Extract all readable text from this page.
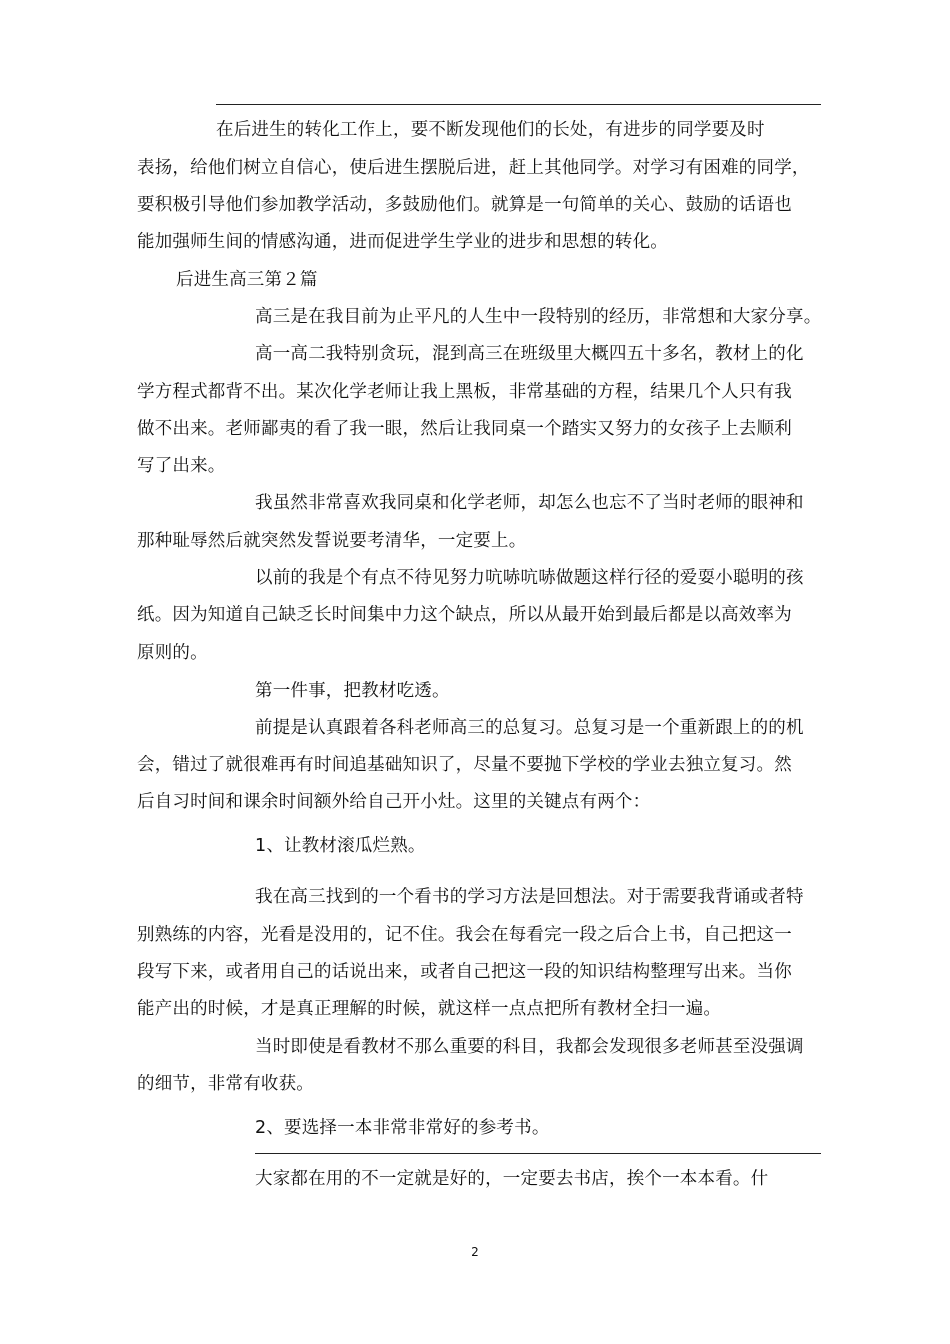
在后进生的转化工作上，要不断发现他们的长处，有进步的同学要及时
表扬，给他们树立自信心，使后进生摆脱后进，赶上其他同学。对学习有困难的同学，
要积极引导他们参加教学活动，多鼓励他们。就算是一句简单的关心、鼓励的话语也
能加强师生间的情感沟通，进而促进学生学业的进步和思想的转化。
后进生高三第２篇
高三是在我目前为止平凡的人生中一段特别的经历，非常想和大家分享。
高一高二我特别贪玩，混到高三在班级里大概四五十多名，教材上的化
学方程式都背不出。某次化学老师让我上黑板，非常基础的方程，结果几个人只有我
做不出来。老师鄙夷的看了我一眼，然后让我同桌一个踏实又努力的女孩子上去顺利
写了出来。
我虽然非常喜欢我同桌和化学老师，却怎么也忘不了当时老师的眼神和
那种耻辱然后就突然发誓说要考清华，一定要上。
以前的我是个有点不待见努力吭哧吭哧做题这样行径的爱耍小聪明的孩
纸。因为知道自己缺乏长时间集中力这个缺点，所以从最开始到最后都是以高效率为
原则的。
第一件事，把教材吃透。
前提是认真跟着各科老师高三的总复习。总复习是一个重新跟上的的机
会，错过了就很难再有时间追基础知识了，尽量不要抛下学校的学业去独立复习。然
后自习时间和课余时间额外给自己开小灶。这里的关键点有两个：
1、让教材滚瓜烂熟。
我在高三找到的一个看书的学习方法是回想法。对于需要我背诵或者特
别熟练的内容，光看是没用的，记不住。我会在每看完一段之后合上书，自己把这一
段写下来，或者用自己的话说出来，或者自己把这一段的知识结构整理写出来。当你
能产出的时候，才是真正理解的时候，就这样一点点把所有教材全扫一遍。
当时即使是看教材不那么重要的科目，我都会发现很多老师甚至没强调
的细节，非常有收获。
2、要选择一本非常非常好的参考书。
大家都在用的不一定就是好的，一定要去书店，挨个一本本看。什
2
